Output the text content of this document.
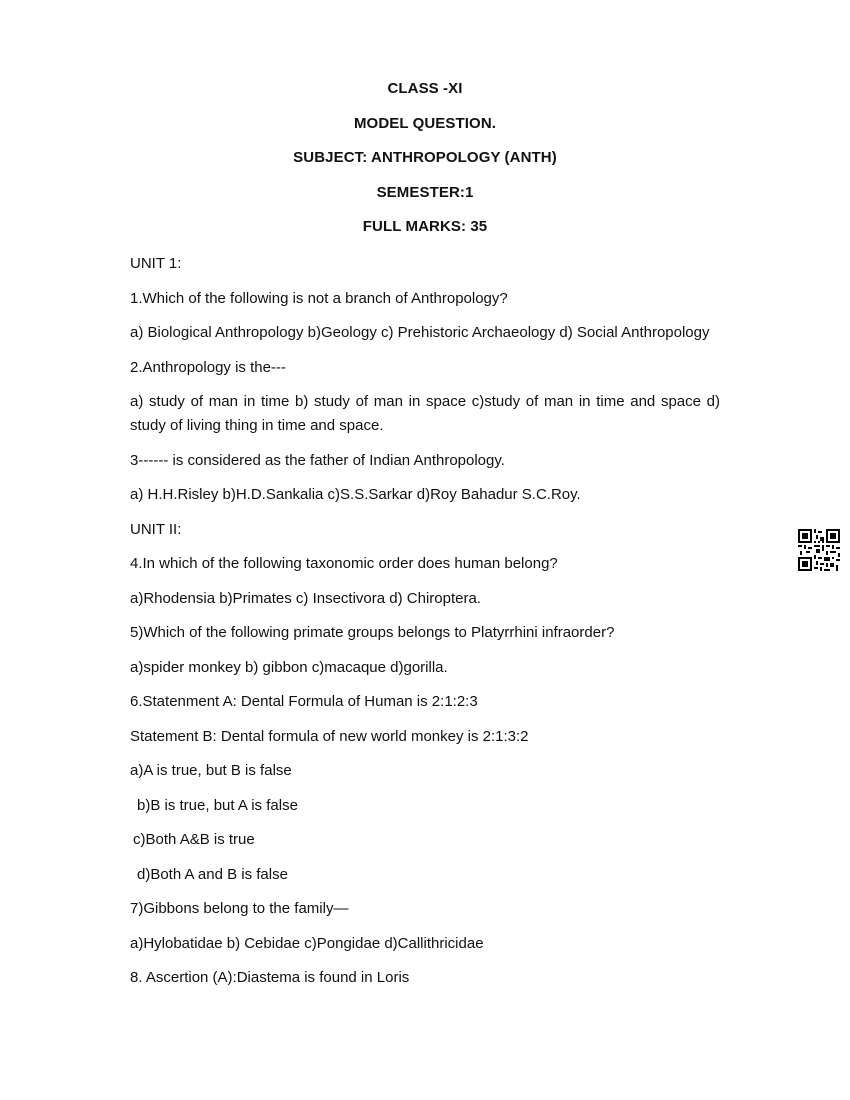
CLASS -XI
MODEL QUESTION.
SUBJECT: ANTHROPOLOGY (ANTH)
SEMESTER:1
FULL MARKS: 35

UNIT 1:

1.Which of the following is not a branch of Anthropology?

a) Biological Anthropology b)Geology c) Prehistoric Archaeology d) Social Anthropology

2.Anthropology is the---

a) study of man in time b) study of man in space c)study of man in time and space d) study of living thing in time and space.

3------ is considered as the father of Indian Anthropology.

a) H.H.Risley b)H.D.Sankalia c)S.S.Sarkar d)Roy Bahadur S.C.Roy.

UNIT II:

4.In which of the following taxonomic order does human belong?

a)Rhodensia b)Primates c) Insectivora d) Chiroptera.

5)Which of the following primate groups belongs to Platyrrhini infraorder?

a)spider monkey b) gibbon c)macaque d)gorilla.

6.Statenment A: Dental Formula of Human is 2:1:2:3

Statement B: Dental formula of new world monkey is 2:1:3:2

a)A is true, but B is false

b)B is true, but A is false

c)Both A&B is true

d)Both A and B is false

7)Gibbons belong to the family—

a)Hylobatidae b) Cebidae c)Pongidae d)Callithricidae

8. Ascertion (A):Diastema is found in Loris
